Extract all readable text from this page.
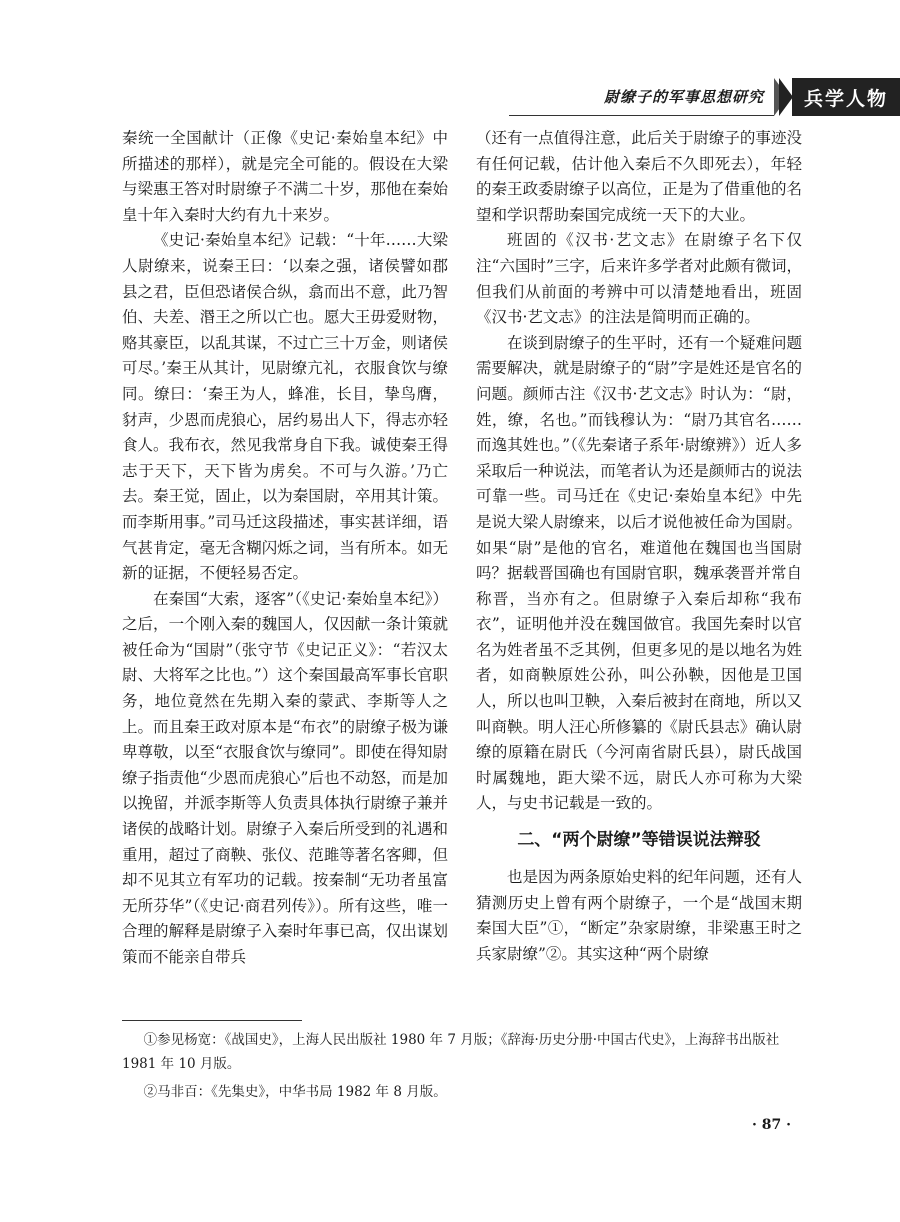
尉缭子的军事思想研究	兵学人物

秦统一全国献计（正像《史记·秦始皇本纪》中所描述的那样），就是完全可能的。假设在大梁与梁惠王答对时尉缭子不满二十岁，那他在秦始皇十年入秦时大约有九十来岁。

《史记·秦始皇本纪》记载：“十年……大梁人尉缭来，说秦王曰：‘以秦之强，诸侯譬如郡县之君，臣但恐诸侯合纵，翕而出不意，此乃智伯、夫差、湣王之所以亡也。愿大王毋爱财物，赂其豪臣，以乱其谋，不过亡三十万金，则诸侯可尽。’秦王从其计，见尉缭亢礼，衣服食饮与缭同。缭曰：‘秦王为人，蜂准，长目，挚鸟膺，豺声，少恩而虎狼心，居约易出人下，得志亦轻食人。我布衣，然见我常身自下我。诚使秦王得志于天下，天下皆为虏矣。不可与久游。’乃亡去。秦王觉，固止，以为秦国尉，卒用其计策。而李斯用事。”司马迁这段描述，事实甚详细，语气甚肯定，毫无含糊闪烁之词，当有所本。如无新的证据，不便轻易否定。

在秦国“大索，逐客”（《史记·秦始皇本纪》）之后，一个刚入秦的魏国人，仅因献一条计策就被任命为“国尉”（张守节《史记正义》：“若汉太尉、大将军之比也。”）这个秦国最高军事长官职务，地位竟然在先期入秦的蒙武、李斯等人之上。而且秦王政对原本是“布衣”的尉缭子极为谦卑尊敬，以至“衣服食饮与缭同”。即使在得知尉缭子指责他“少恩而虎狼心”后也不动怒，而是加以挽留，并派李斯等人负责具体执行尉缭子兼并诸侯的战略计划。尉缭子入秦后所受到的礼遇和重用，超过了商鞅、张仪、范雎等著名客卿，但却不见其立有军功的记载。按秦制“无功者虽富无所芬华”（《史记·商君列传》）。所有这些，唯一合理的解释是尉缭子入秦时年事已高，仅出谋划策而不能亲自带兵

（还有一点值得注意，此后关于尉缭子的事迹没有任何记载，估计他入秦后不久即死去），年轻的秦王政委尉缭子以高位，正是为了借重他的名望和学识帮助秦国完成统一天下的大业。

班固的《汉书·艺文志》在尉缭子名下仅注“六国时”三字，后来许多学者对此颇有微词，但我们从前面的考辨中可以清楚地看出，班固《汉书·艺文志》的注法是简明而正确的。

在谈到尉缭子的生平时，还有一个疑难问题需要解决，就是尉缭子的“尉”字是姓还是官名的问题。颜师古注《汉书·艺文志》时认为：“尉，姓，缭，名也。”而钱穆认为：“尉乃其官名……而逸其姓也。”（《先秦诸子系年·尉缭辨》）近人多采取后一种说法，而笔者认为还是颜师古的说法可靠一些。司马迁在《史记·秦始皇本纪》中先是说大梁人尉缭来，以后才说他被任命为国尉。如果“尉”是他的官名，难道他在魏国也当国尉吗？据载晋国确也有国尉官职，魏承袭晋并常自称晋，当亦有之。但尉缭子入秦后却称“我布衣”，证明他并没在魏国做官。我国先秦时以官名为姓者虽不乏其例，但更多见的是以地名为姓者，如商鞅原姓公孙，叫公孙鞅，因他是卫国人，所以也叫卫鞅，入秦后被封在商地，所以又叫商鞅。明人汪心所修纂的《尉氏县志》确认尉缭的原籍在尉氏（今河南省尉氏县），尉氏战国时属魏地，距大梁不远，尉氏人亦可称为大梁人，与史书记载是一致的。

二、“两个尉缭”等错误说法辩驳

也是因为两条原始史料的纪年问题，还有人猜测历史上曾有两个尉缭子，一个是“战国末期秦国大臣”①，“断定”杂家尉缭，非梁惠王时之兵家尉缭”②。其实这种“两个尉缭

①参见杨宽：《战国史》，上海人民出版社 1980 年 7 月版；《辞海·历史分册·中国古代史》，上海辞书出版社 1981 年 10 月版。

②马非百：《先集史》，中华书局 1982 年 8 月版。

· 87 ·
